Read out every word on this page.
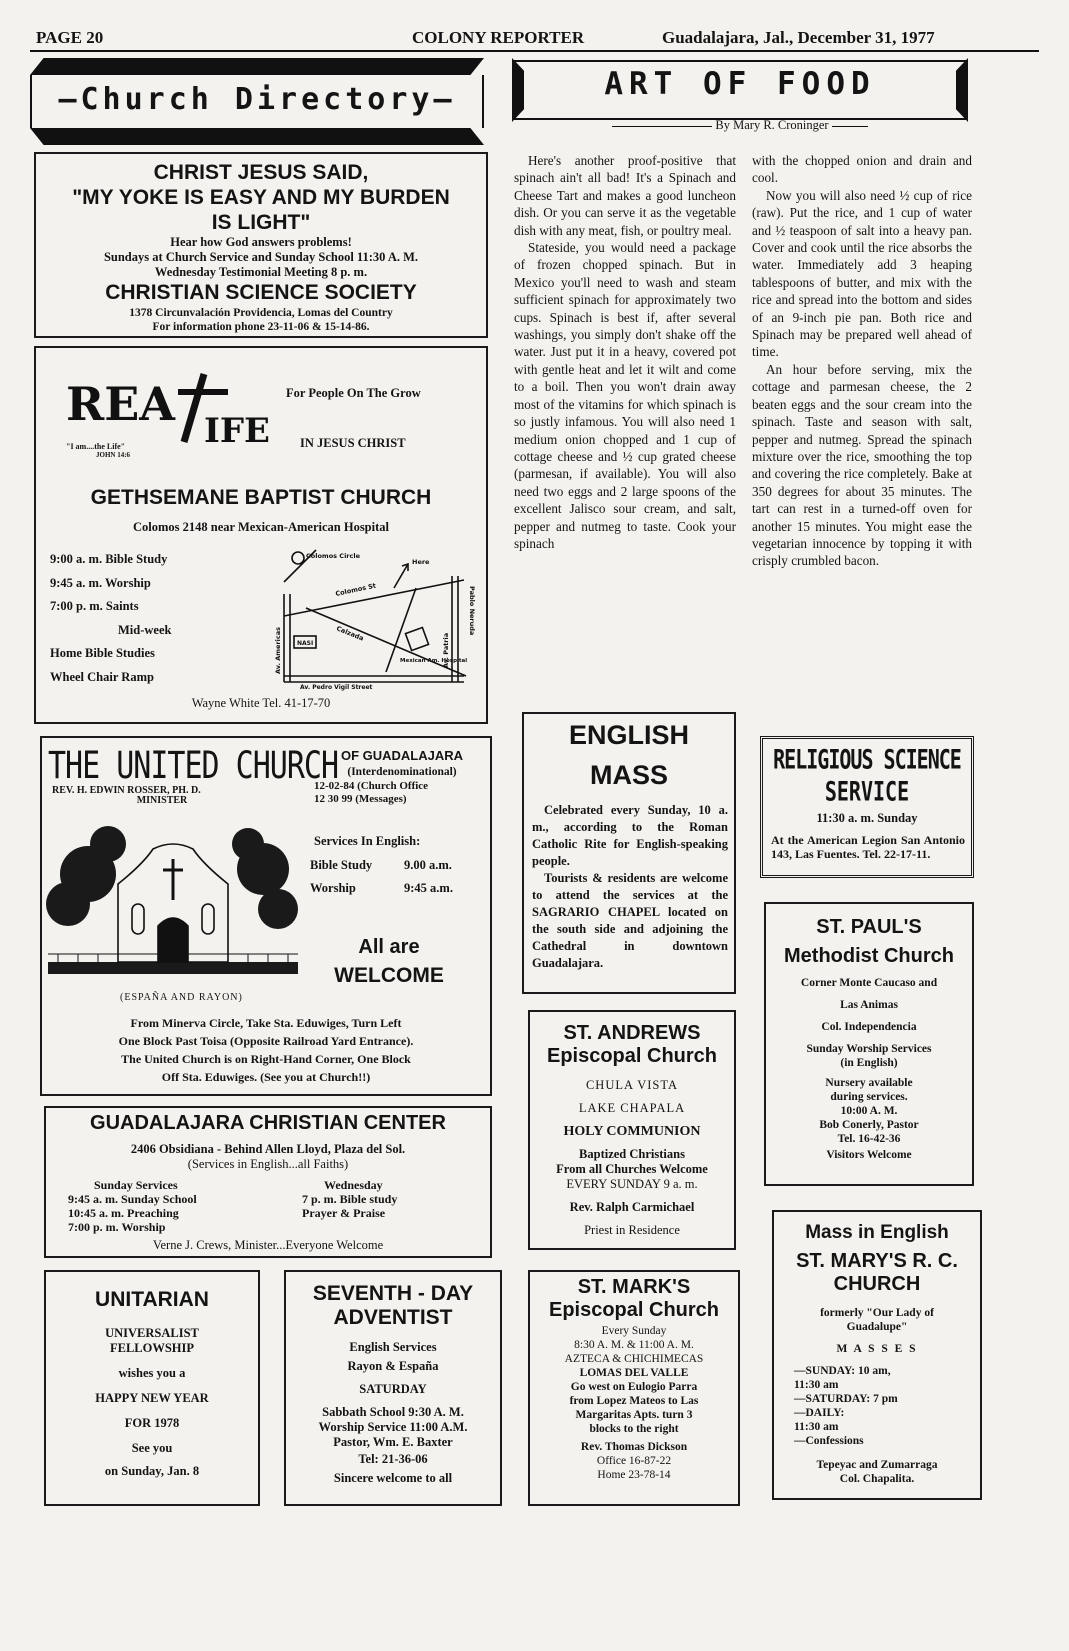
PAGE 20	COLONY REPORTER	Guadalajara, Jal., December 31, 1977
—Church Directory—
CHRIST JESUS SAID,
"MY YOKE IS EASY AND MY BURDEN
IS LIGHT"
Hear how God answers problems!
Sundays at Church Service and Sunday School 11:30 A. M.
Wednesday Testimonial Meeting 8 p. m.
CHRISTIAN SCIENCE SOCIETY
1378 Circunvalación Providencia, Lomas del Country
For information phone 23-11-06 & 15-14-86.
REA IFE
"I am....the Life"
JOHN 14:6
For People On The Grow
IN JESUS CHRIST
GETHSEMANE BAPTIST CHURCH
Colomos 2148 near Mexican-American Hospital
9:00 a. m. Bible Study
9:45 a. m. Worship
7:00 p. m. Saints
Mid-week
Home Bible Studies
Wheel Chair Ramp
Colomos Circle
Colomos St
Here
Calzada
Av. Americas
Pablo Neruda
Av. Patria
Mexican Am. Hospital
Av. Pedro Vigil Street
NASI
Wayne White Tel. 41-17-70
THE UNITED CHURCH OF GUADALAJARA
(Interdenominational)
REV. H. EDWIN ROSSER, PH. D.
MINISTER
12-02-84 (Church Office
12 30 99 (Messages)
Services In English:
Bible Study	9.00 a.m.
Worship	9:45 a.m.
All are
WELCOME
(ESPAÑA AND RAYON)
From Minerva Circle, Take Sta. Eduwiges, Turn Left
One Block Past Toisa (Opposite Railroad Yard Entrance).
The United Church is on Right-Hand Corner, One Block
Off Sta. Eduwiges. (See you at Church!!)
GUADALAJARA CHRISTIAN CENTER
2406 Obsidiana - Behind Allen Lloyd, Plaza del Sol.
(Services in English...all Faiths)
Sunday Services
9:45 a. m. Sunday School
10:45 a. m. Preaching
7:00 p. m. Worship
Wednesday
7 p. m. Bible study
Prayer & Praise
Verne J. Crews, Minister...Everyone Welcome
UNITARIAN
UNIVERSALIST
FELLOWSHIP
wishes you a
HAPPY NEW YEAR
FOR 1978
See you
on Sunday, Jan. 8
SEVENTH - DAY
ADVENTIST
English Services
Rayon & España
SATURDAY
Sabbath School 9:30 A. M.
Worship Service 11:00 A.M.
Pastor, Wm. E. Baxter
Tel: 21-36-06
Sincere welcome to all
ART OF FOOD
By Mary R. Croninger

Here's another proof-positive that spinach ain't all bad! It's a Spinach and Cheese Tart and makes a good luncheon dish. Or you can serve it as the vegetable dish with any meat, fish, or poultry meal.

Stateside, you would need a package of frozen chopped spinach. But in Mexico you'll need to wash and steam sufficient spinach for approximately two cups. Spinach is best if, after several washings, you simply don't shake off the water. Just put it in a heavy, covered pot with gentle heat and let it wilt and come to a boil. Then you won't drain away most of the vitamins for which spinach is so justly infamous. You will also need 1 medium onion chopped and 1 cup of cottage cheese and ½ cup grated cheese (parmesan, if available). You will also need two eggs and 2 large spoons of the excellent Jalisco sour cream, and salt, pepper and nutmeg to taste. Cook your spinach

with the chopped onion and drain and cool.

Now you will also need ½ cup of rice (raw). Put the rice, and 1 cup of water and ½ teaspoon of salt into a heavy pan. Cover and cook until the rice absorbs the water. Immediately add 3 heaping tablespoons of butter, and mix with the rice and spread into the bottom and sides of an 9-inch pie pan. Both rice and Spinach may be prepared well ahead of time.

An hour before serving, mix the cottage and parmesan cheese, the 2 beaten eggs and the sour cream into the spinach. Taste and season with salt, pepper and nutmeg. Spread the spinach mixture over the rice, smoothing the top and covering the rice completely. Bake at 350 degrees for about 35 minutes. The tart can rest in a turned-off oven for another 15 minutes. You might ease the vegetarian innocence by topping it with crisply crumbled bacon.

ENGLISH
MASS
Celebrated every Sunday, 10 a. m., according to the Roman Catholic Rite for English-speaking people.
Tourists & residents are welcome to attend the services at the SAGRARIO CHAPEL located on the south side and adjoining the Cathedral in downtown Guadalajara.
RELIGIOUS SCIENCE
SERVICE
11:30 a. m. Sunday
At the American Legion San Antonio 143, Las Fuentes. Tel. 22-17-11.
ST. ANDREWS
Episcopal Church
CHULA VISTA
LAKE CHAPALA
HOLY COMMUNION
Baptized Christians
From all Churches Welcome
EVERY SUNDAY 9 a. m.
Rev. Ralph Carmichael
Priest in Residence
ST. PAUL'S
Methodist Church
Corner Monte Caucaso and
Las Animas
Col. Independencia
Sunday Worship Services
(in English)
Nursery available
during services.
10:00 A. M.
Bob Conerly, Pastor
Tel. 16-42-36
Visitors Welcome
ST. MARK'S
Episcopal Church
Every Sunday
8:30 A. M. & 11:00 A. M.
AZTECA & CHICHIMECAS
LOMAS DEL VALLE
Go west on Eulogio Parra
from Lopez Mateos to Las
Margaritas Apts. turn 3
blocks to the right
Rev. Thomas Dickson
Office 16-87-22
Home 23-78-14
Mass in English
ST. MARY'S R. C.
CHURCH
formerly "Our Lady of
Guadalupe"
M A S S E S
—SUNDAY: 10 am,
11:30 am
—SATURDAY: 7 pm
—DAILY:
11:30 am
—Confessions
Tepeyac and Zumarraga
Col. Chapalita.
